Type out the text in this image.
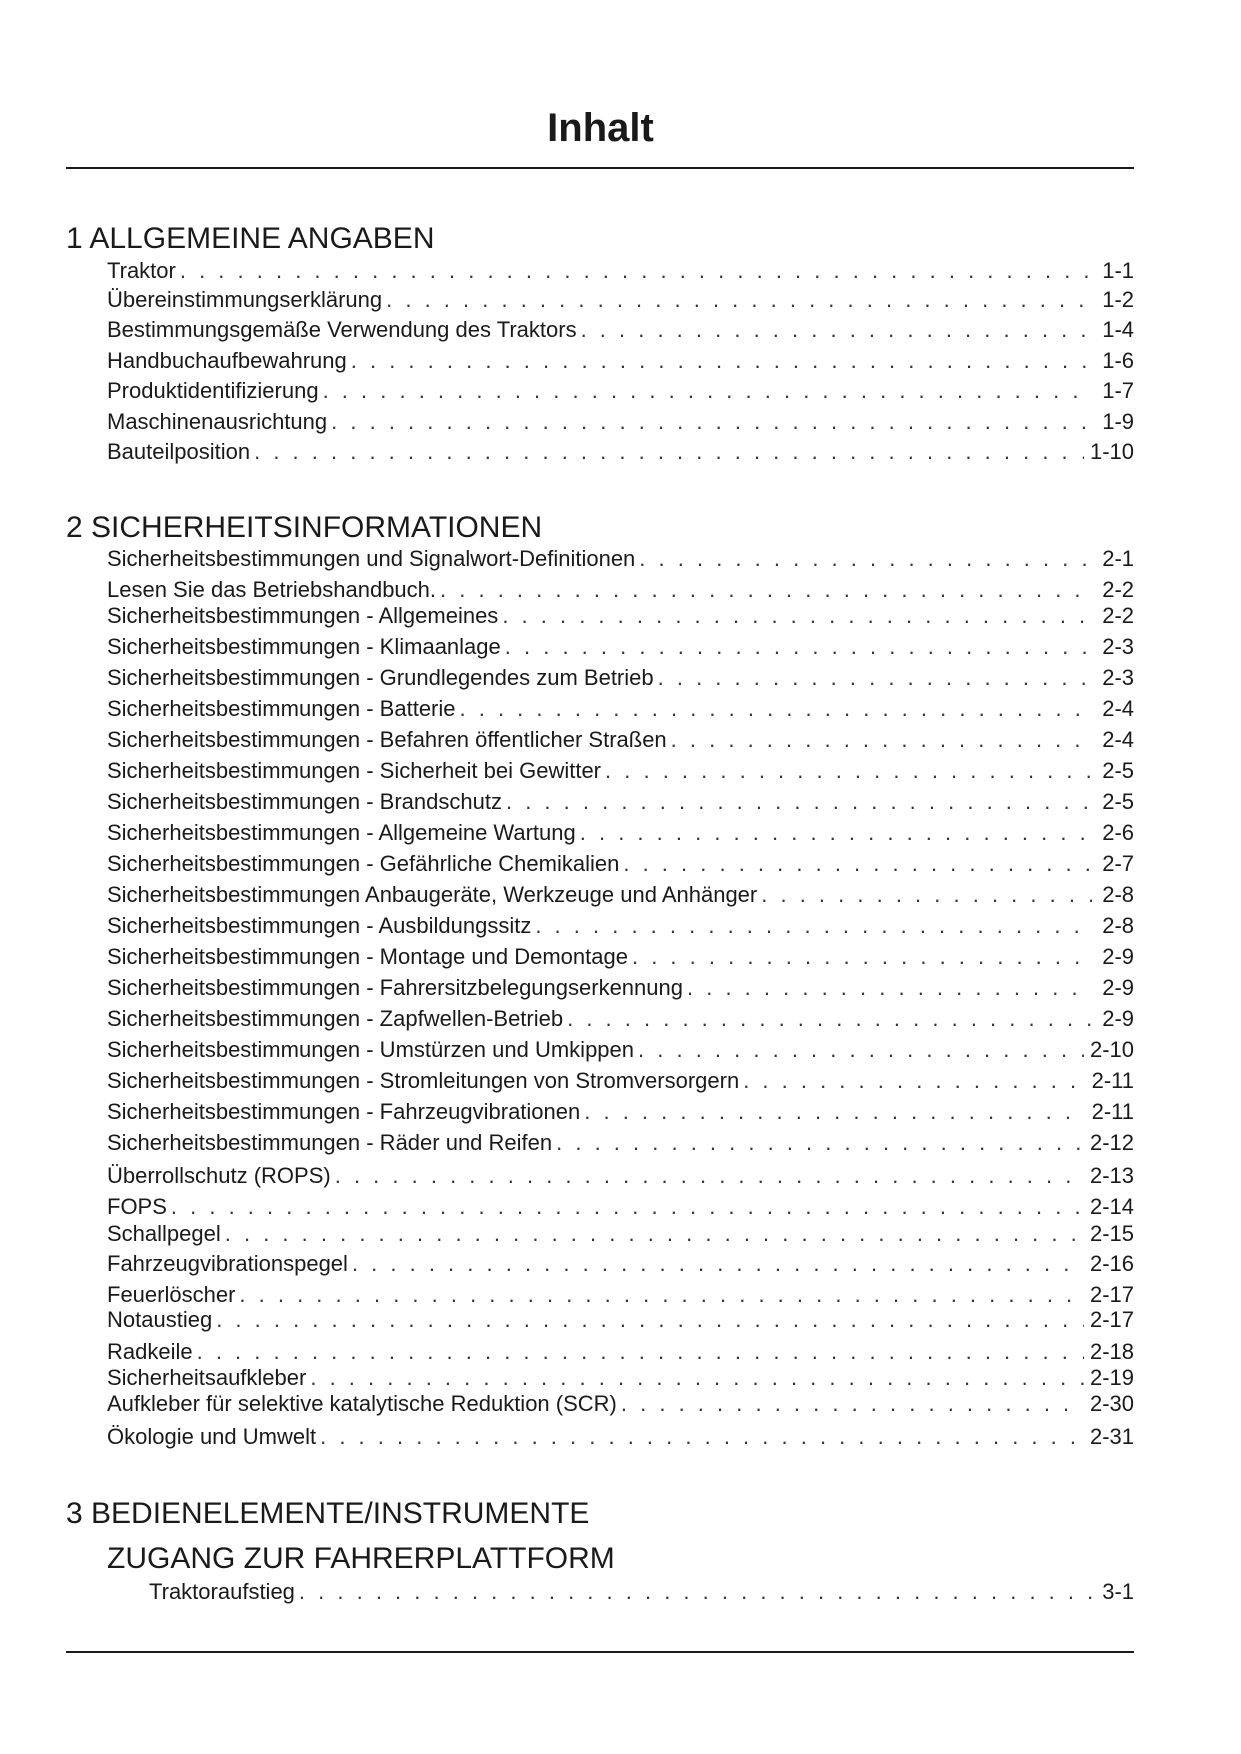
Inhalt
1 ALLGEMEINE ANGABEN
Traktor . . .	1-1
Übereinstimmungserklärung . . .	1-2
Bestimmungsgemäße Verwendung des Traktors . . .	1-4
Handbuchaufbewahrung . . .	1-6
Produktidentifizierung . . .	1-7
Maschinenausrichtung . . .	1-9
Bauteilposition . . .	1-10
2 SICHERHEITSINFORMATIONEN
Sicherheitsbestimmungen und Signalwort-Definitionen . . .	2-1
Lesen Sie das Betriebshandbuch. . . .	2-2
Sicherheitsbestimmungen - Allgemeines . . .	2-2
Sicherheitsbestimmungen - Klimaanlage . . .	2-3
Sicherheitsbestimmungen - Grundlegendes zum Betrieb . . .	2-3
Sicherheitsbestimmungen - Batterie . . .	2-4
Sicherheitsbestimmungen - Befahren öffentlicher Straßen . . .	2-4
Sicherheitsbestimmungen - Sicherheit bei Gewitter . . .	2-5
Sicherheitsbestimmungen - Brandschutz . . .	2-5
Sicherheitsbestimmungen - Allgemeine Wartung . . .	2-6
Sicherheitsbestimmungen - Gefährliche Chemikalien . . .	2-7
Sicherheitsbestimmungen Anbaugeräte, Werkzeuge und Anhänger . . .	2-8
Sicherheitsbestimmungen - Ausbildungssitz . . .	2-8
Sicherheitsbestimmungen - Montage und Demontage . . .	2-9
Sicherheitsbestimmungen - Fahrersitzbelegungserkennung . . .	2-9
Sicherheitsbestimmungen - Zapfwellen-Betrieb . . .	2-9
Sicherheitsbestimmungen - Umstürzen und Umkippen . . .	2-10
Sicherheitsbestimmungen - Stromleitungen von Stromversorgern . . .	2-11
Sicherheitsbestimmungen - Fahrzeugvibrationen . . .	2-11
Sicherheitsbestimmungen - Räder und Reifen . . .	2-12
Überrollschutz (ROPS) . . .	2-13
FOPS . . .	2-14
Schallpegel . . .	2-15
Fahrzeugvibrationspegel . . .	2-16
Feuerlöscher . . .	2-17
Notaustieg . . .	2-17
Radkeile . . .	2-18
Sicherheitsaufkleber . . .	2-19
Aufkleber für selektive katalytische Reduktion (SCR) . . .	2-30
Ökologie und Umwelt . . .	2-31
3 BEDIENELEMENTE/INSTRUMENTE
ZUGANG ZUR FAHRERPLATTFORM
Traktoraufstieg . . .	3-1
